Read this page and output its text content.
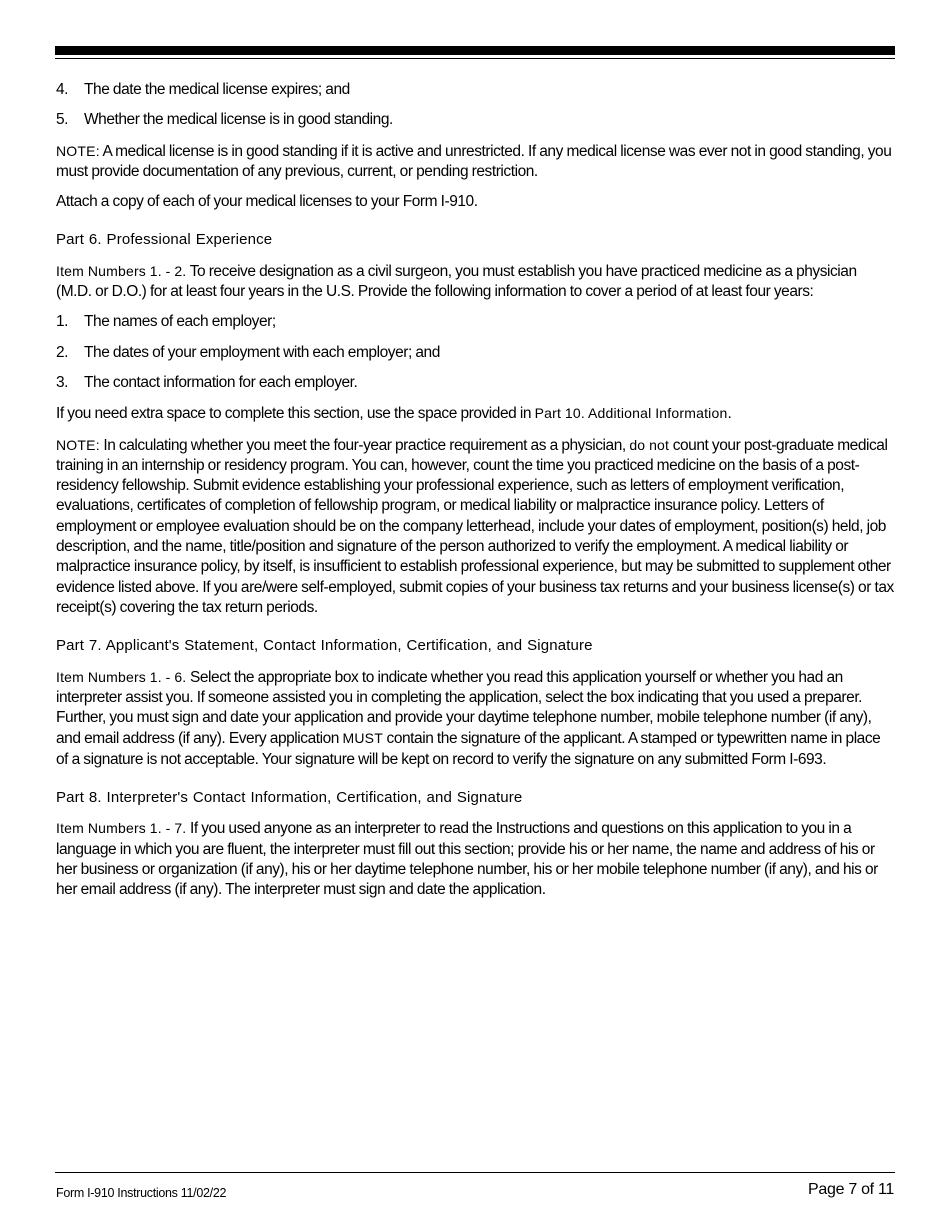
4.	The date the medical license expires; and
5.	Whether the medical license is in good standing.

NOTE: A medical license is in good standing if it is active and unrestricted. If any medical license was ever not in good standing, you must provide documentation of any previous, current, or pending restriction.

Attach a copy of each of your medical licenses to your Form I-910.

Part 6. Professional Experience

Item Numbers 1. - 2. To receive designation as a civil surgeon, you must establish you have practiced medicine as a physician (M.D. or D.O.) for at least four years in the U.S. Provide the following information to cover a period of at least four years:

1.	The names of each employer;
2.	The dates of your employment with each employer; and
3.	The contact information for each employer.

If you need extra space to complete this section, use the space provided in Part 10. Additional Information.

NOTE: In calculating whether you meet the four-year practice requirement as a physician, do not count your post-graduate medical training in an internship or residency program. You can, however, count the time you practiced medicine on the basis of a post-residency fellowship. Submit evidence establishing your professional experience, such as letters of employment verification, evaluations, certificates of completion of fellowship program, or medical liability or malpractice insurance policy. Letters of employment or employee evaluation should be on the company letterhead, include your dates of employment, position(s) held, job description, and the name, title/position and signature of the person authorized to verify the employment. A medical liability or malpractice insurance policy, by itself, is insufficient to establish professional experience, but may be submitted to supplement other evidence listed above. If you are/were self-employed, submit copies of your business tax returns and your business license(s) or tax receipt(s) covering the tax return periods.

Part 7. Applicant's Statement, Contact Information, Certification, and Signature

Item Numbers 1. - 6. Select the appropriate box to indicate whether you read this application yourself or whether you had an interpreter assist you. If someone assisted you in completing the application, select the box indicating that you used a preparer. Further, you must sign and date your application and provide your daytime telephone number, mobile telephone number (if any), and email address (if any). Every application MUST contain the signature of the applicant. A stamped or typewritten name in place of a signature is not acceptable. Your signature will be kept on record to verify the signature on any submitted Form I-693.

Part 8. Interpreter's Contact Information, Certification, and Signature

Item Numbers 1. - 7. If you used anyone as an interpreter to read the Instructions and questions on this application to you in a language in which you are fluent, the interpreter must fill out this section; provide his or her name, the name and address of his or her business or organization (if any), his or her daytime telephone number, his or her mobile telephone number (if any), and his or her email address (if any). The interpreter must sign and date the application.

Form I-910 Instructions 11/02/22	Page 7 of 11
